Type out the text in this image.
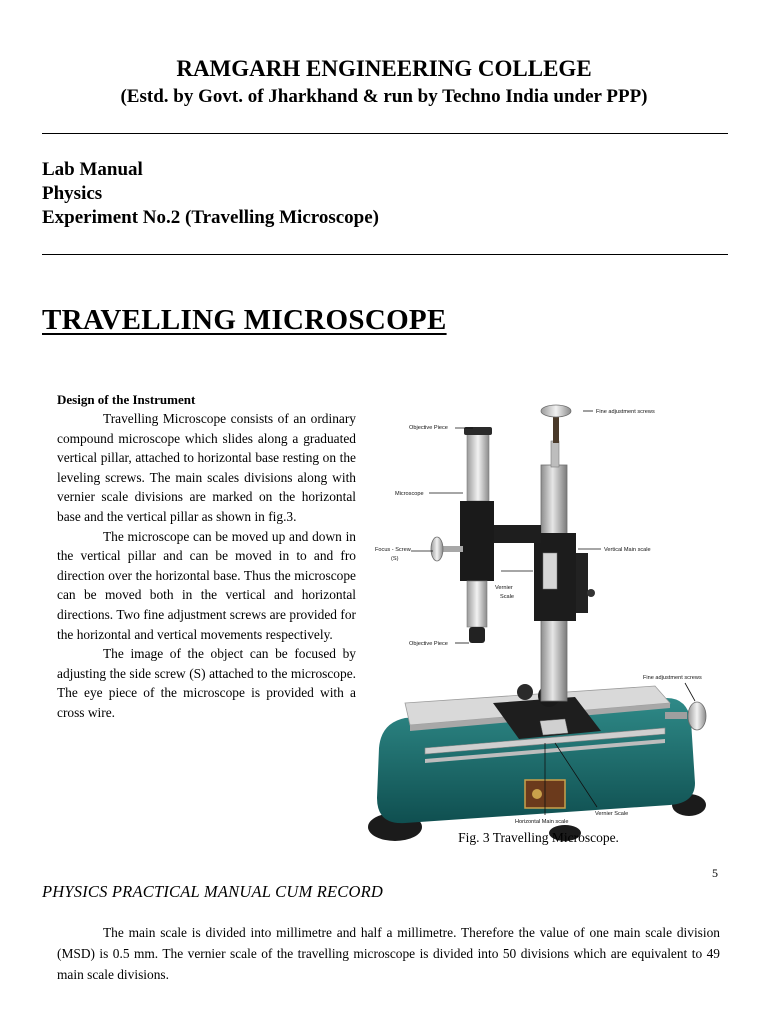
RAMGARH ENGINEERING COLLEGE
(Estd. by Govt. of Jharkhand & run by Techno India under PPP)
Lab Manual
Physics
Experiment No.2 (Travelling Microscope)
TRAVELLING MICROSCOPE
Design of the Instrument

Travelling Microscope consists of an ordinary compound microscope which slides along a graduated vertical pillar, attached to horizontal base resting on the leveling screws. The main scales divisions along with vernier scale divisions are marked on the horizontal base and the vertical pillar as shown in fig.3.

The microscope can be moved up and down in the vertical pillar and can be moved in to and fro direction over the horizontal base. Thus the microscope can be moved both in the vertical and horizontal directions. Two fine adjustment screws are provided for the horizontal and vertical movements respectively.

The image of the object can be focused by adjusting the side screw (S) attached to the microscope. The eye piece of the microscope is provided with a cross wire.

Fine adjustment screws
Objective Piece
Microscope
Focus - Screw
(S)
Vertical Main scale
Vernier
Scale
Objective Piece
Fine adjustment screws
Vernier Scale
Horizontal Main scale
Fig. 3 Travelling Microscope.
5
PHYSICS PRACTICAL MANUAL CUM RECORD

The main scale is divided into millimetre and half a millimetre. Therefore the value of one main scale division (MSD) is 0.5 mm. The vernier scale of the travelling microscope is divided into 50 divisions which are equivalent to 49 main scale divisions.
